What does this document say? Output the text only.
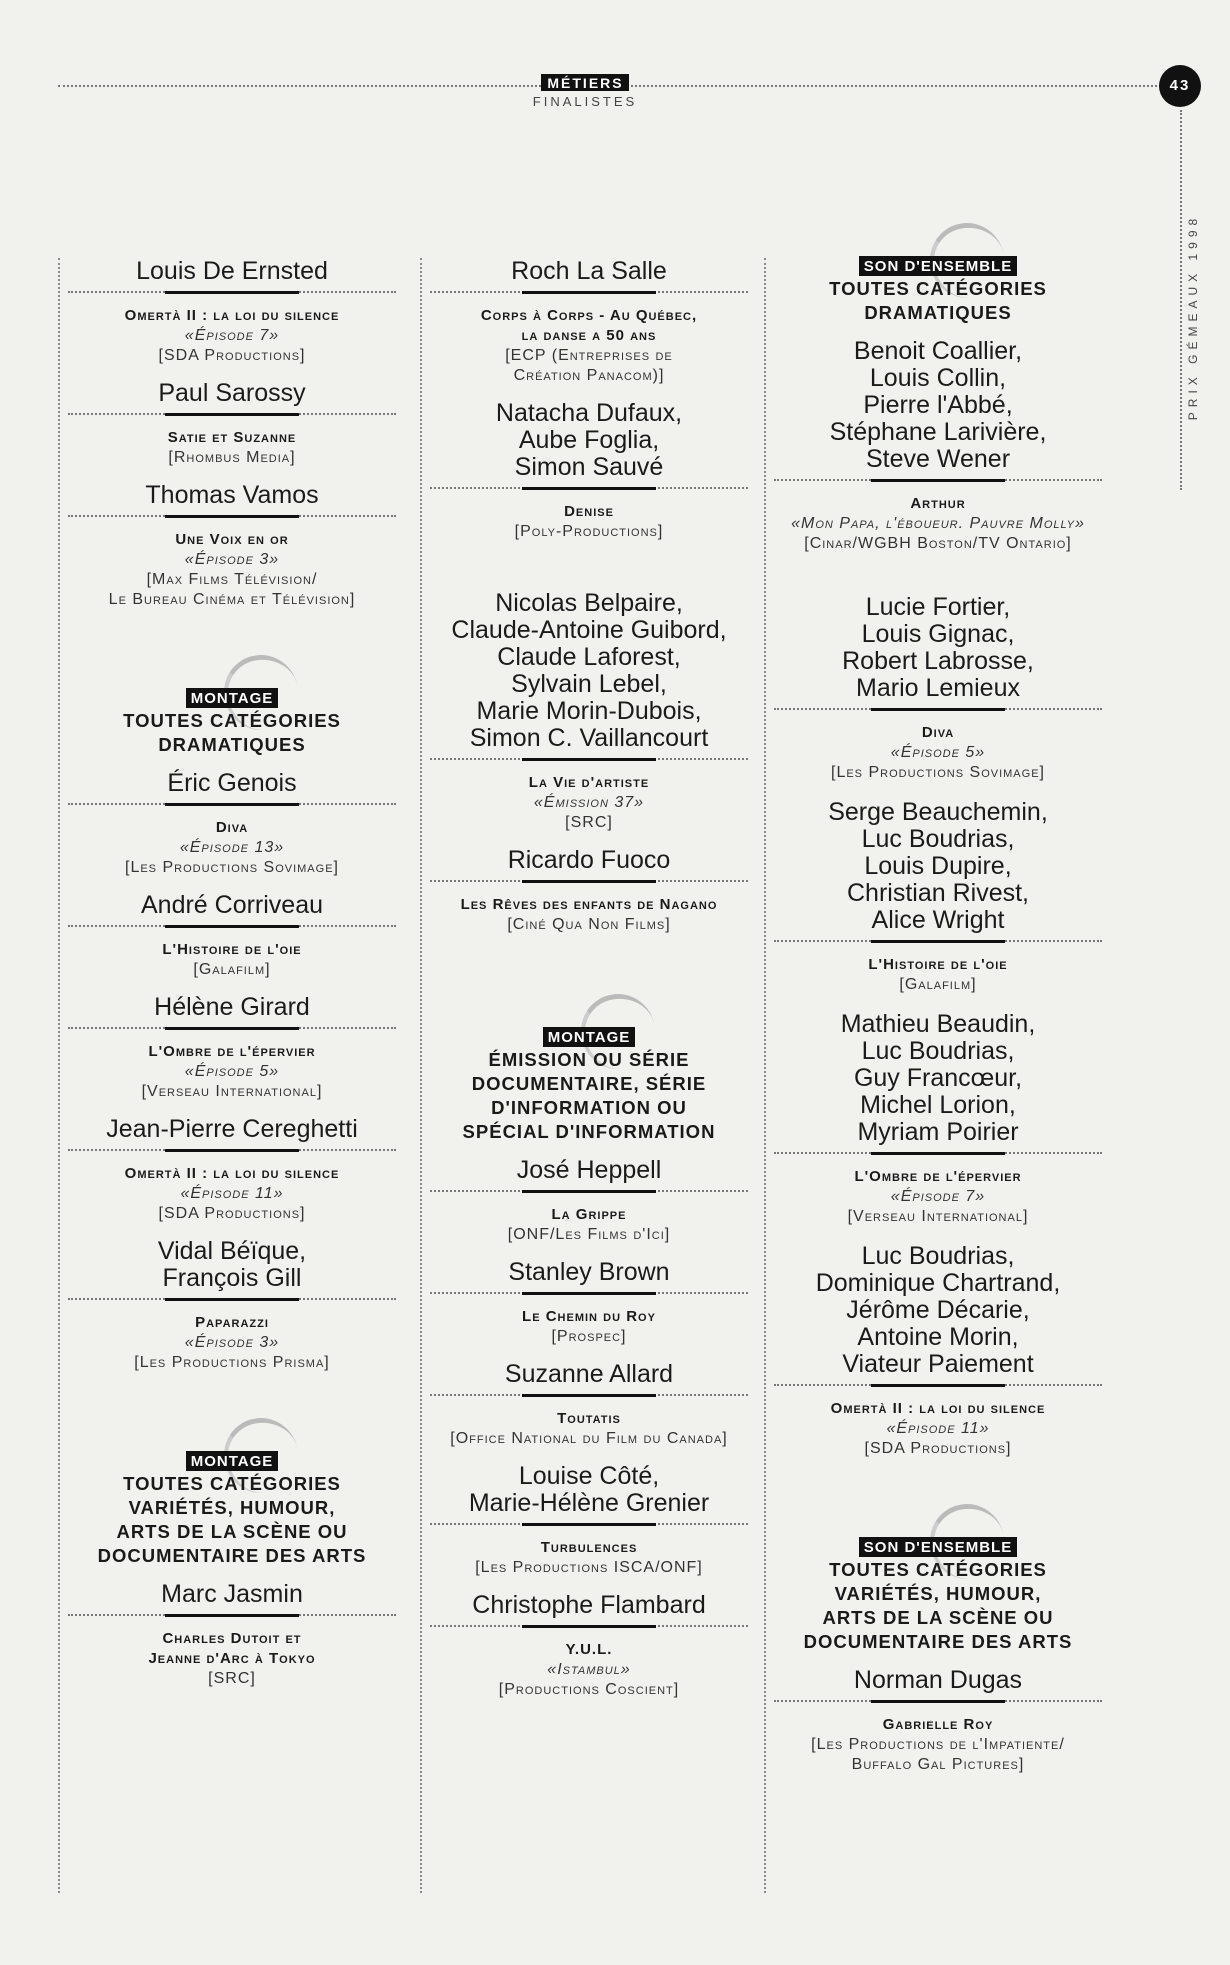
MÉTIERS
FINALISTES
43
PRIX GÉMEAUX 1998
Louis De Ernsted
Omertà II : la loi du silence
«Épisode 7»
[SDA Productions]
Paul Sarossy
Satie et Suzanne
[Rhombus Media]
Thomas Vamos
Une Voix en or
«Épisode 3»
[Max Films Télévision/
Le Bureau Cinéma et Télévision]
MONTAGE
TOUTES CATÉGORIES
DRAMATIQUES
Éric Genois
Diva
«Épisode 13»
[Les Productions Sovimage]
André Corriveau
L'Histoire de l'oie
[Galafilm]
Hélène Girard
L'Ombre de l'épervier
«Épisode 5»
[Verseau International]
Jean-Pierre Cereghetti
Omertà II : la loi du silence
«Épisode 11»
[SDA Productions]
Vidal Béïque,
François Gill
Paparazzi
«Épisode 3»
[Les Productions Prisma]
MONTAGE
TOUTES CATÉGORIES
VARIÉTÉS, HUMOUR,
ARTS DE LA SCÈNE OU
DOCUMENTAIRE DES ARTS
Marc Jasmin
Charles Dutoit et
Jeanne d'Arc à Tokyo
[SRC]
Roch La Salle
Corps à Corps - Au Québec,
la danse a 50 ans
[ECP (Entreprises de
Création Panacom)]
Natacha Dufaux,
Aube Foglia,
Simon Sauvé
Denise
[Poly-Productions]
Nicolas Belpaire,
Claude-Antoine Guibord,
Claude Laforest,
Sylvain Lebel,
Marie Morin-Dubois,
Simon C. Vaillancourt
La Vie d'artiste
«Émission 37»
[SRC]
Ricardo Fuoco
Les Rêves des enfants de Nagano
[Ciné Qua Non Films]
MONTAGE
ÉMISSION OU SÉRIE
DOCUMENTAIRE, SÉRIE
D'INFORMATION OU
SPÉCIAL D'INFORMATION
José Heppell
La Grippe
[ONF/Les Films d'Ici]
Stanley Brown
Le Chemin du Roy
[Prospec]
Suzanne Allard
Toutatis
[Office National du Film du Canada]
Louise Côté,
Marie-Hélène Grenier
Turbulences
[Les Productions ISCA/ONF]
Christophe Flambard
Y.U.L.
«Istambul»
[Productions Coscient]
SON D'ENSEMBLE
TOUTES CATÉGORIES
DRAMATIQUES
Benoit Coallier,
Louis Collin,
Pierre l'Abbé,
Stéphane Larivière,
Steve Wener
Arthur
«Mon Papa, l'éboueur. Pauvre Molly»
[Cinar/WGBH Boston/TV Ontario]
Lucie Fortier,
Louis Gignac,
Robert Labrosse,
Mario Lemieux
Diva
«Épisode 5»
[Les Productions Sovimage]
Serge Beauchemin,
Luc Boudrias,
Louis Dupire,
Christian Rivest,
Alice Wright
L'Histoire de l'oie
[Galafilm]
Mathieu Beaudin,
Luc Boudrias,
Guy Francœur,
Michel Lorion,
Myriam Poirier
L'Ombre de l'épervier
«Épisode 7»
[Verseau International]
Luc Boudrias,
Dominique Chartrand,
Jérôme Décarie,
Antoine Morin,
Viateur Paiement
Omertà II : la loi du silence
«Épisode 11»
[SDA Productions]
SON D'ENSEMBLE
TOUTES CATÉGORIES
VARIÉTÉS, HUMOUR,
ARTS DE LA SCÈNE OU
DOCUMENTAIRE DES ARTS
Norman Dugas
Gabrielle Roy
[Les Productions de l'Impatiente/
Buffalo Gal Pictures]
